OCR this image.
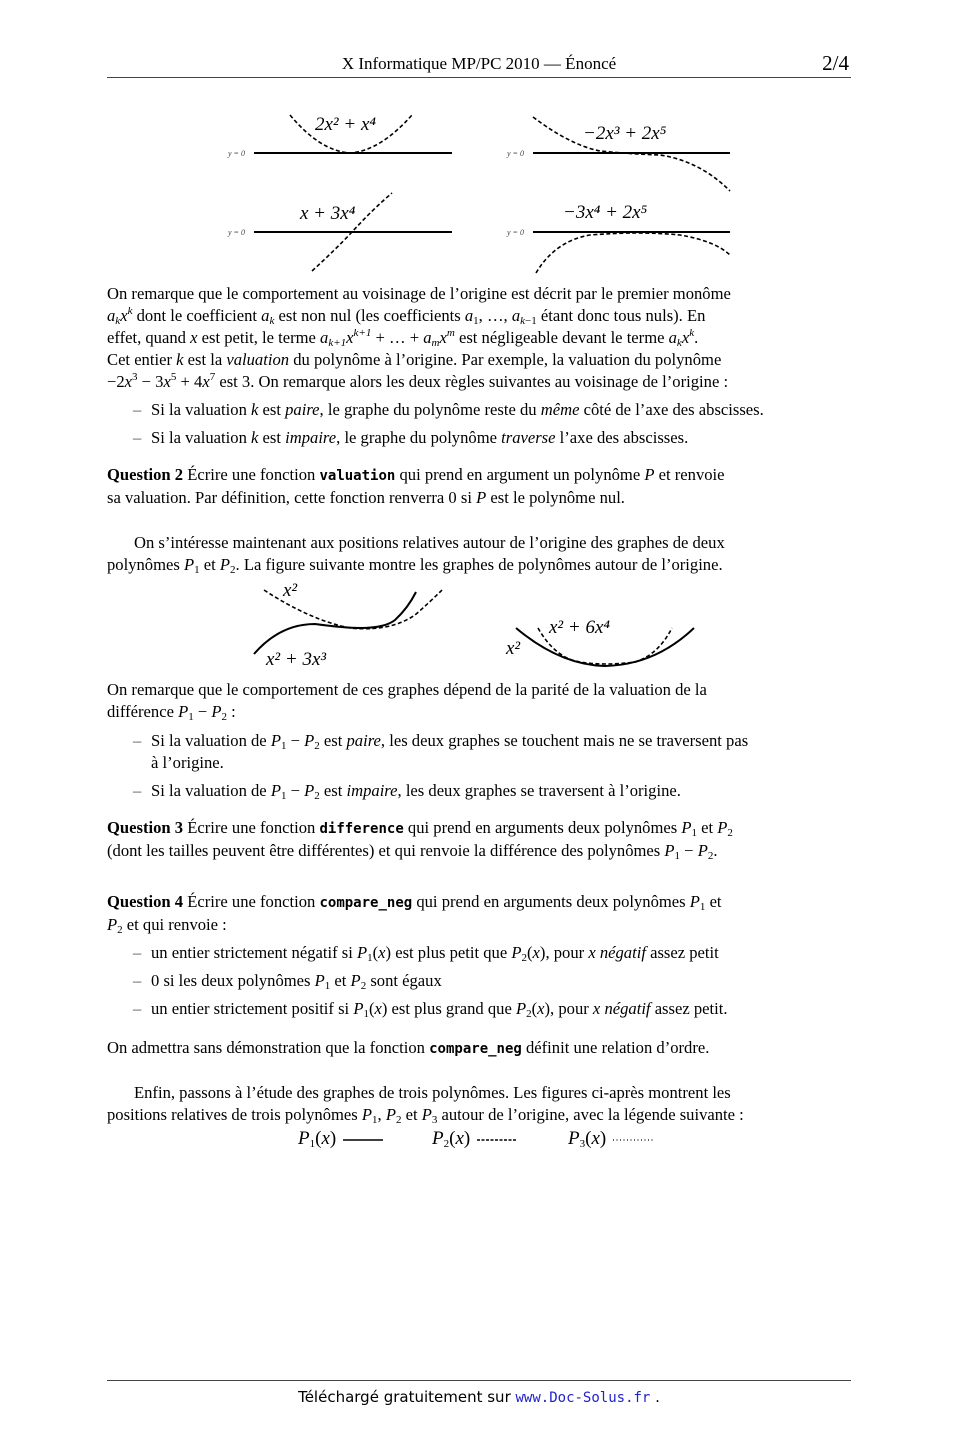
X Informatique MP/PC 2010 — Énoncé	2/4
y = 0	y = 0
y = 0	y = 0
2x² + x⁴	−2x³ + 2x⁵
x + 3x⁴	−3x⁴ + 2x⁵
On remarque que le comportement au voisinage de l’origine est décrit par le premier monôme
$a_kx^k$ dont le coefficient $a_k$ est non nul (les coefficients $a_1$, …, $a_{k-1}$ étant donc tous nuls). En
effet, quand x est petit, le terme $a_{k+1}x^{k+1}$ + … + $a_mx^m$ est négligeable devant le terme $a_kx^k$.
Cet entier k est la valuation du polynôme à l’origine. Par exemple, la valuation du polynôme
$-2x^3 - 3x^5 + 4x^7$ est 3. On remarque alors les deux règles suivantes au voisinage de l’origine :
– Si la valuation k est paire, le graphe du polynôme reste du même côté de l’axe des abscisses.
– Si la valuation k est impaire, le graphe du polynôme traverse l’axe des abscisses.
Question 2 Écrire une fonction valuation qui prend en argument un polynôme P et renvoie
sa valuation. Par définition, cette fonction renverra 0 si P est le polynôme nul.
On s’intéresse maintenant aux positions relatives autour de l’origine des graphes de deux
polynômes $P_1$ et $P_2$. La figure suivante montre les graphes de polynômes autour de l’origine.
x²
x² + 3x³
x²
x² + 6x⁴
On remarque que le comportement de ces graphes dépend de la parité de la valuation de la
différence $P_1 - P_2$ :
– Si la valuation de $P_1 - P_2$ est paire, les deux graphes se touchent mais ne se traversent pas
à l’origine.
– Si la valuation de $P_1 - P_2$ est impaire, les deux graphes se traversent à l’origine.
Question 3 Écrire une fonction difference qui prend en arguments deux polynômes $P_1$ et $P_2$
(dont les tailles peuvent être différentes) et qui renvoie la différence des polynômes $P_1 - P_2$.
Question 4 Écrire une fonction compare_neg qui prend en arguments deux polynômes $P_1$ et
$P_2$ et qui renvoie :
– un entier strictement négatif si $P_1(x)$ est plus petit que $P_2(x)$, pour x négatif assez petit
– 0 si les deux polynômes $P_1$ et $P_2$ sont égaux
– un entier strictement positif si $P_1(x)$ est plus grand que $P_2(x)$, pour x négatif assez petit.
On admettra sans démonstration que la fonction compare_neg définit une relation d’ordre.
Enfin, passons à l’étude des graphes de trois polynômes. Les figures ci-après montrent les
positions relatives de trois polynômes $P_1$, $P_2$ et $P_3$ autour de l’origine, avec la légende suivante :
$P_1(x)$	$P_2(x)$	$P_3(x)$
Téléchargé gratuitement sur www.Doc-Solus.fr .
